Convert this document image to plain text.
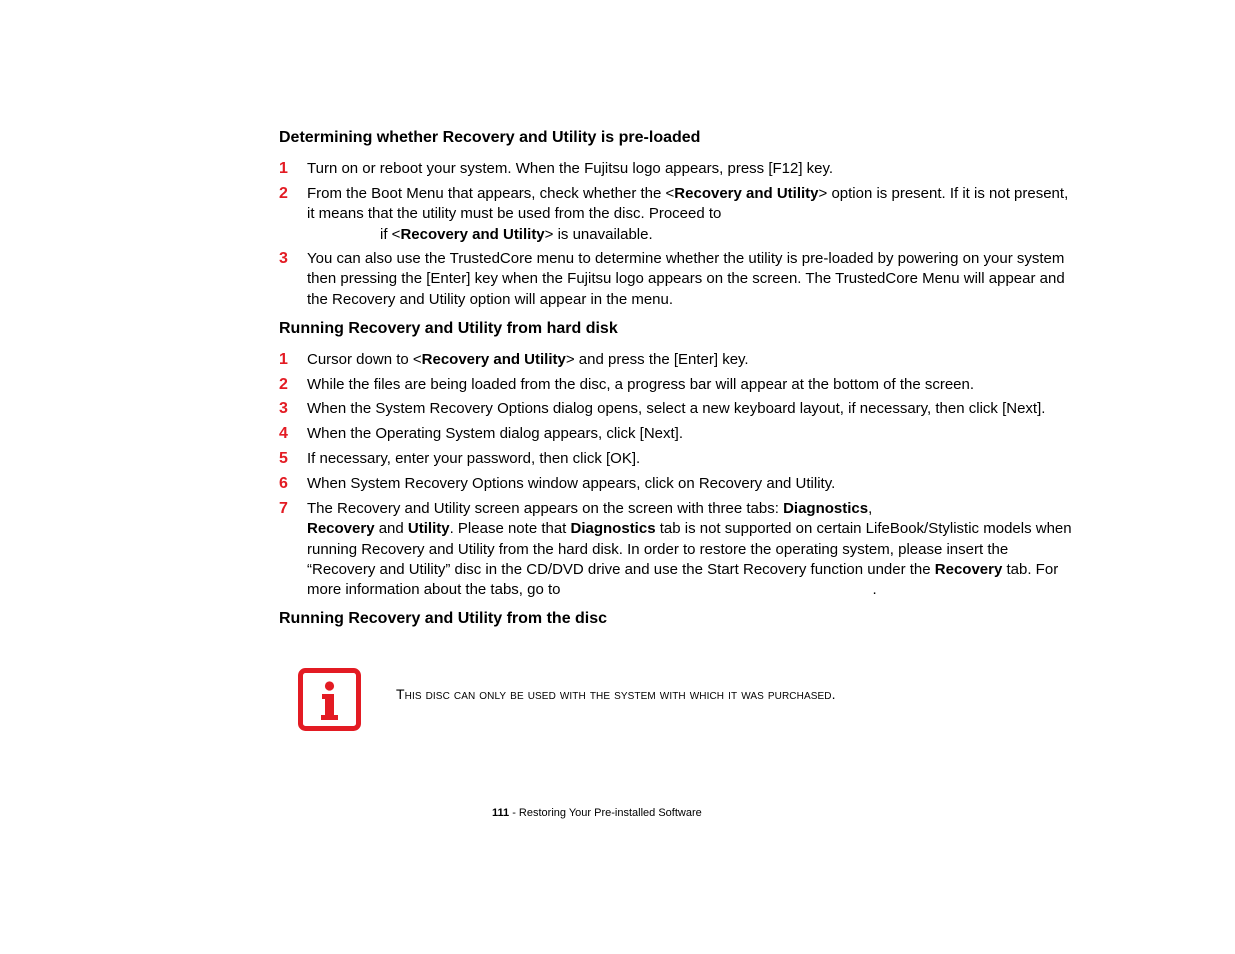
Determining whether Recovery and Utility is pre-loaded
1 Turn on or reboot your system. When the Fujitsu logo appears, press [F12] key.
2 From the Boot Menu that appears, check whether the <Recovery and Utility> option is present. If it is not present, it means that the utility must be used from the disc. Proceed to
if <Recovery and Utility> is unavailable.
3 You can also use the TrustedCore menu to determine whether the utility is pre-loaded by powering on your system then pressing the [Enter] key when the Fujitsu logo appears on the screen. The TrustedCore Menu will appear and the Recovery and Utility option will appear in the menu.
Running Recovery and Utility from hard disk
1 Cursor down to <Recovery and Utility> and press the [Enter] key.
2 While the files are being loaded from the disc, a progress bar will appear at the bottom of the screen.
3 When the System Recovery Options dialog opens, select a new keyboard layout, if necessary, then click [Next].
4 When the Operating System dialog appears, click [Next].
5 If necessary, enter your password, then click [OK].
6 When System Recovery Options window appears, click on Recovery and Utility.
7 The Recovery and Utility screen appears on the screen with three tabs: Diagnostics,
Recovery and Utility. Please note that Diagnostics tab is not supported on certain LifeBook/Stylistic models when running Recovery and Utility from the hard disk. In order to restore the operating system, please insert the “Recovery and Utility” disc in the CD/DVD drive and use the Start Recovery function under the Recovery tab. For more information about the tabs, go to	.
Running Recovery and Utility from the disc
This disc can only be used with the system with which it was purchased.
111 - Restoring Your Pre-installed Software
